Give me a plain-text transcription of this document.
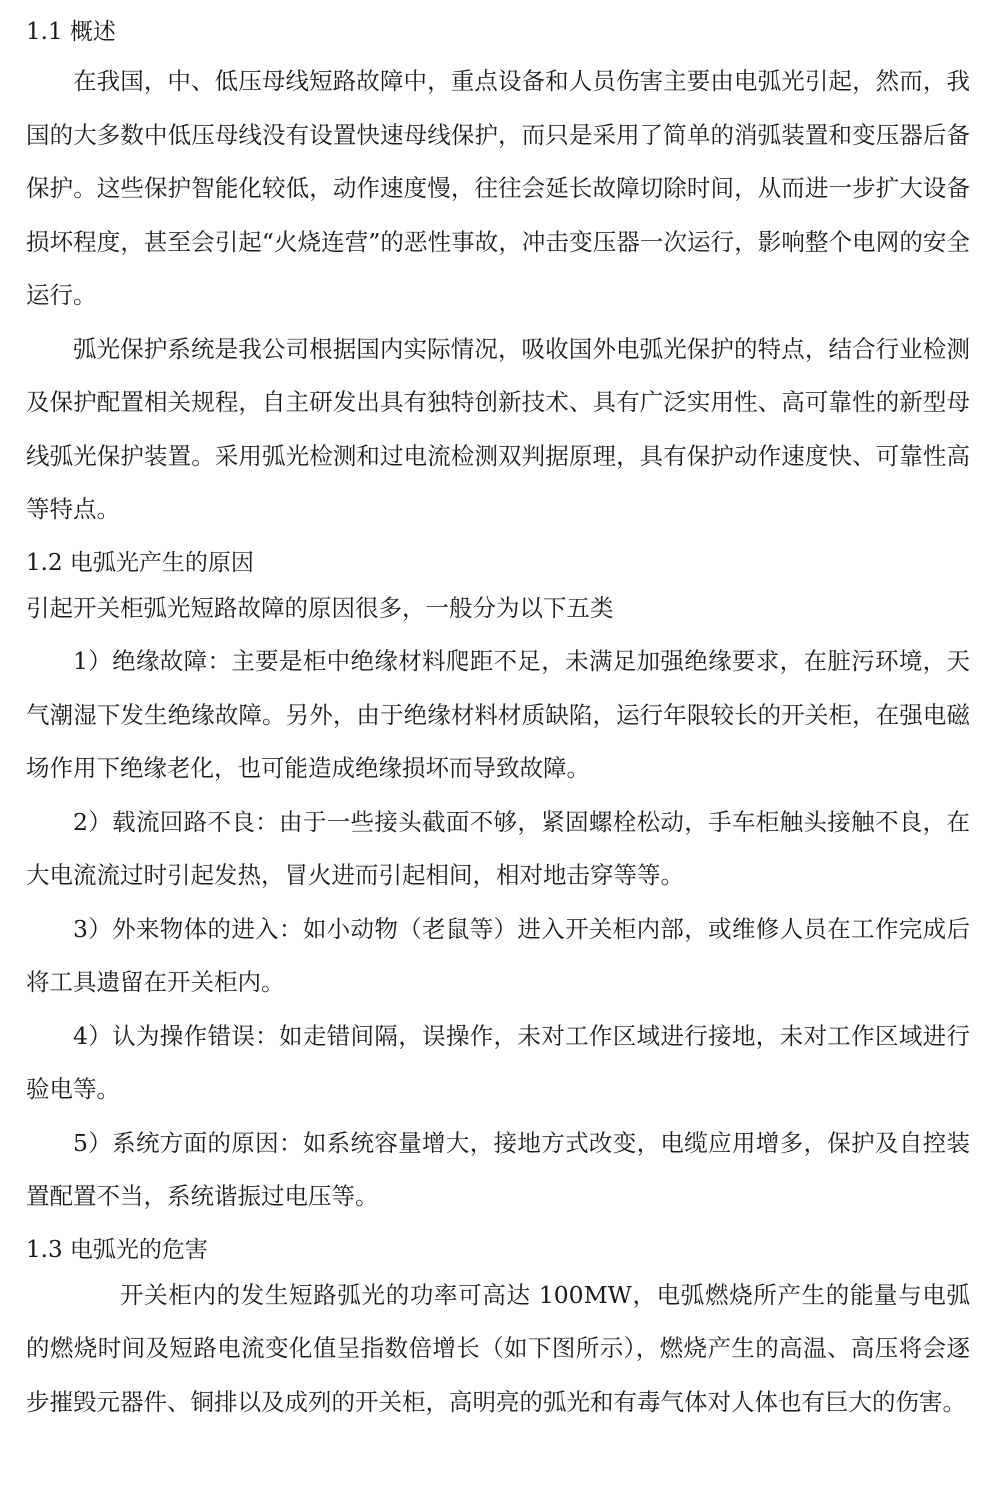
1.1 概述

在我国，中、低压母线短路故障中，重点设备和人员伤害主要由电弧光引起，然而，我国的大多数中低压母线没有设置快速母线保护，而只是采用了简单的消弧装置和变压器后备保护。这些保护智能化较低，动作速度慢，往往会延长故障切除时间，从而进一步扩大设备损坏程度，甚至会引起“火烧连营”的恶性事故，冲击变压器一次运行，影响整个电网的安全运行。

弧光保护系统是我公司根据国内实际情况，吸收国外电弧光保护的特点，结合行业检测及保护配置相关规程，自主研发出具有独特创新技术、具有广泛实用性、高可靠性的新型母线弧光保护装置。采用弧光检测和过电流检测双判据原理，具有保护动作速度快、可靠性高等特点。

1.2 电弧光产生的原因

引起开关柜弧光短路故障的原因很多，一般分为以下五类

1）绝缘故障：主要是柜中绝缘材料爬距不足，未满足加强绝缘要求，在脏污环境，天气潮湿下发生绝缘故障。另外，由于绝缘材料材质缺陷，运行年限较长的开关柜，在强电磁场作用下绝缘老化，也可能造成绝缘损坏而导致故障。

2）载流回路不良：由于一些接头截面不够，紧固螺栓松动，手车柜触头接触不良，在大电流流过时引起发热，冒火进而引起相间，相对地击穿等等。

3）外来物体的进入：如小动物（老鼠等）进入开关柜内部，或维修人员在工作完成后将工具遗留在开关柜内。

4）认为操作错误：如走错间隔，误操作，未对工作区域进行接地，未对工作区域进行验电等。

5）系统方面的原因：如系统容量增大，接地方式改变，电缆应用增多，保护及自控装置配置不当，系统谐振过电压等。

1.3 电弧光的危害

开关柜内的发生短路弧光的功率可高达 100MW，电弧燃烧所产生的能量与电弧的燃烧时间及短路电流变化值呈指数倍增长（如下图所示），燃烧产生的高温、高压将会逐步摧毁元器件、铜排以及成列的开关柜，高明亮的弧光和有毒气体对人体也有巨大的伤害。
